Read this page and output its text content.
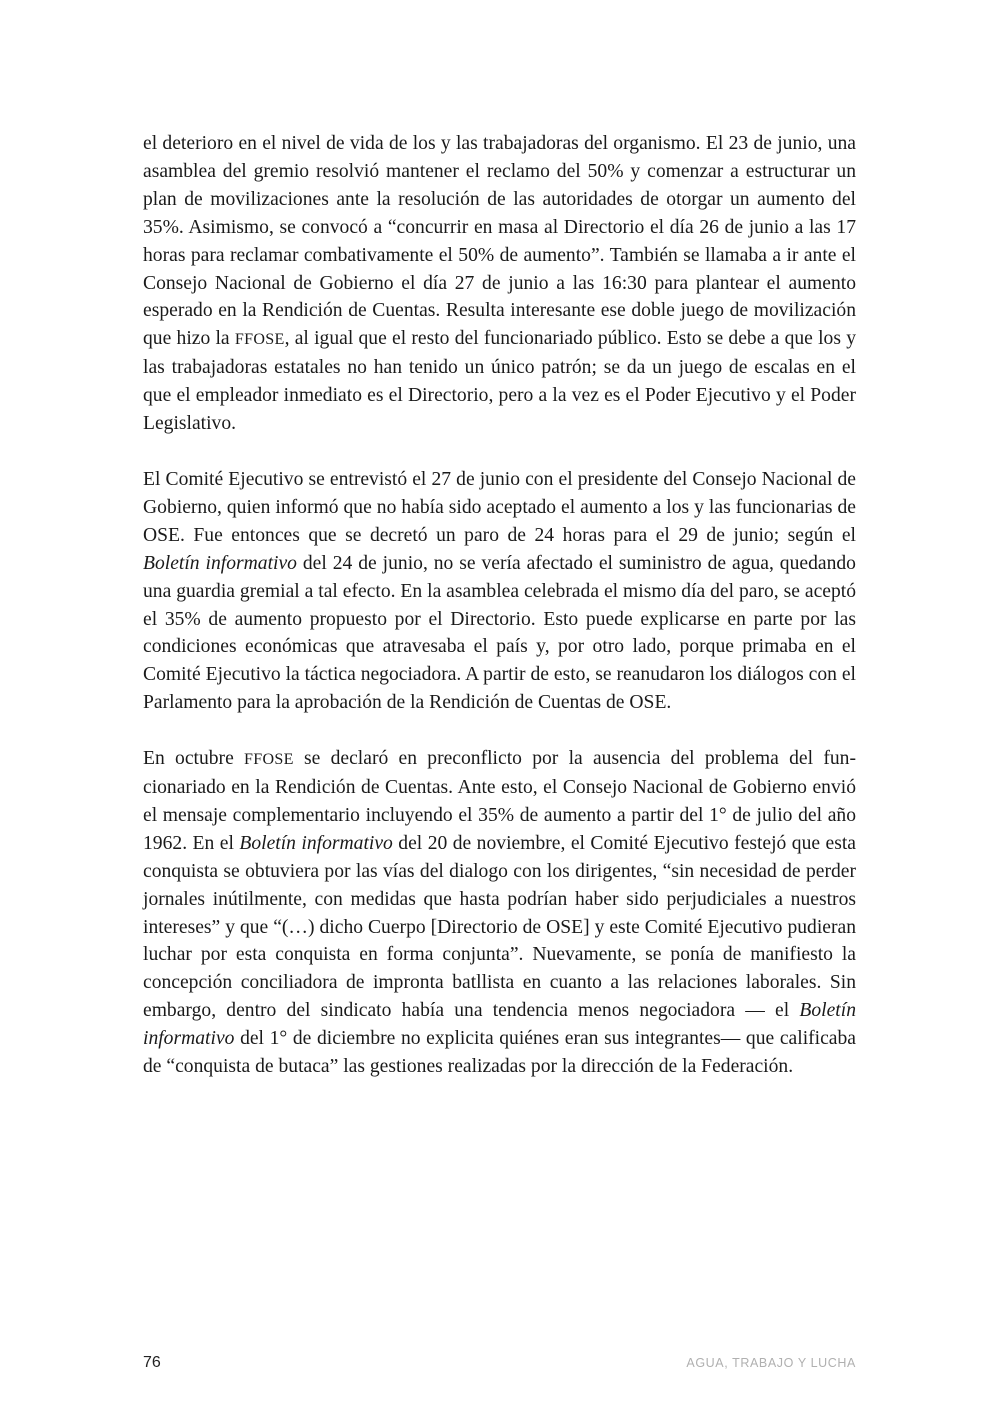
el deterioro en el nivel de vida de los y las trabajadoras del organismo. El 23 de junio, una asamblea del gremio resolvió mantener el reclamo del 50% y comenzar a estructurar un plan de movilizaciones ante la resolución de las autoridades de otorgar un aumento del 35%. Asimismo, se convocó a “concurrir en masa al Directorio el día 26 de junio a las 17 horas para reclamar combativamente el 50% de aumento”. También se llamaba a ir ante el Consejo Nacional de Gobierno el día 27 de junio a las 16:30 para plantear el aumento esperado en la Rendición de Cuentas. Resulta interesante ese doble juego de movilización que hizo la FFOSE, al igual que el resto del funcionariado público. Esto se debe a que los y las trabajadoras estatales no han tenido un único patrón; se da un juego de escalas en el que el empleador inmediato es el Directorio, pero a la vez es el Poder Ejecutivo y el Poder Legislativo.

El Comité Ejecutivo se entrevistó el 27 de junio con el presidente del Consejo Nacional de Gobierno, quien informó que no había sido aceptado el aumento a los y las funcionarias de OSE. Fue entonces que se decretó un paro de 24 horas para el 29 de junio; según el Boletín informativo del 24 de junio, no se vería afectado el suministro de agua, quedando una guardia gremial a tal efecto. En la asamblea celebrada el mismo día del paro, se aceptó el 35% de aumento propuesto por el Directorio. Esto puede explicarse en parte por las condiciones económicas que atravesaba el país y, por otro lado, porque primaba en el Comité Ejecutivo la táctica negociadora. A partir de esto, se reanudaron los diálogos con el Parlamento para la aprobación de la Rendición de Cuentas de OSE.

En octubre FFOSE se declaró en preconflicto por la ausencia del problema del funcionariado en la Rendición de Cuentas. Ante esto, el Consejo Nacional de Gobierno envió el mensaje complementario incluyendo el 35% de aumento a partir del 1° de julio del año 1962. En el Boletín informativo del 20 de noviembre, el Comité Ejecutivo festejó que esta conquista se obtuviera por las vías del dialogo con los dirigentes, “sin necesidad de perder jornales inútilmente, con medidas que hasta podrían haber sido perjudiciales a nuestros intereses” y que “(…) dicho Cuerpo [Directorio de OSE] y este Comité Ejecutivo pudieran luchar por esta conquista en forma conjunta”. Nuevamente, se ponía de manifiesto la concepción conciliadora de impronta batllista en cuanto a las relaciones laborales. Sin embargo, dentro del sindicato había una tendencia menos negociadora — el Boletín informativo del 1° de diciembre no explicita quiénes eran sus integrantes— que calificaba de “conquista de butaca” las gestiones realizadas por la dirección de la Federación.

76	AGUA, TRABAJO Y LUCHA
